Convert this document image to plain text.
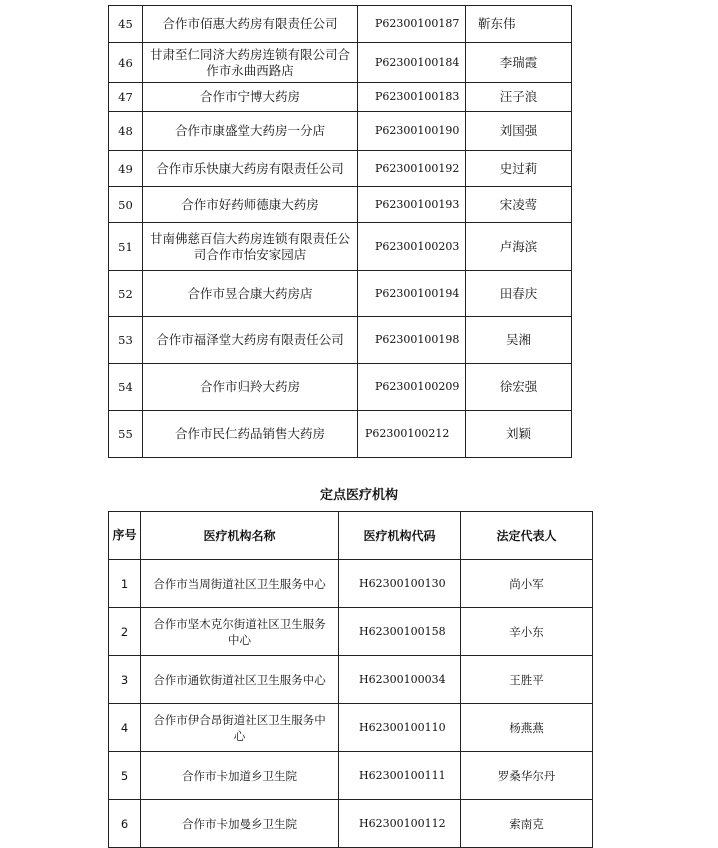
45	合作市佰惠大药房有限责任公司	P62300100187	靳东伟
46	甘肃至仁同济大药房连锁有限公司合作市永曲西路店	P62300100184	李瑞霞
47	合作市宁博大药房	P62300100183	汪子浪
48	合作市康盛堂大药房一分店	P62300100190	刘国强
49	合作市乐快康大药房有限责任公司	P62300100192	史过莉
50	合作市好药师德康大药房	P62300100193	宋凌莺
51	甘南佛慈百信大药房连锁有限责任公司合作市怡安家园店	P62300100203	卢海滨
52	合作市昱合康大药房店	P62300100194	田春庆
53	合作市福泽堂大药房有限责任公司	P62300100198	吴湘
54	合作市归羚大药房	P62300100209	徐宏强
55	合作市民仁药品销售大药房	P62300100212	刘颖
定点医疗机构
序号	医疗机构名称	医疗机构代码	法定代表人
1	合作市当周街道社区卫生服务中心	H62300100130	尚小军
2	合作市坚木克尔街道社区卫生服务中心	H62300100158	辛小东
3	合作市通钦街道社区卫生服务中心	H62300100034	王胜平
4	合作市伊合昂街道社区卫生服务中心	H62300100110	杨燕燕
5	合作市卡加道乡卫生院	H62300100111	罗桑华尔丹
6	合作市卡加曼乡卫生院	H62300100112	索南克
